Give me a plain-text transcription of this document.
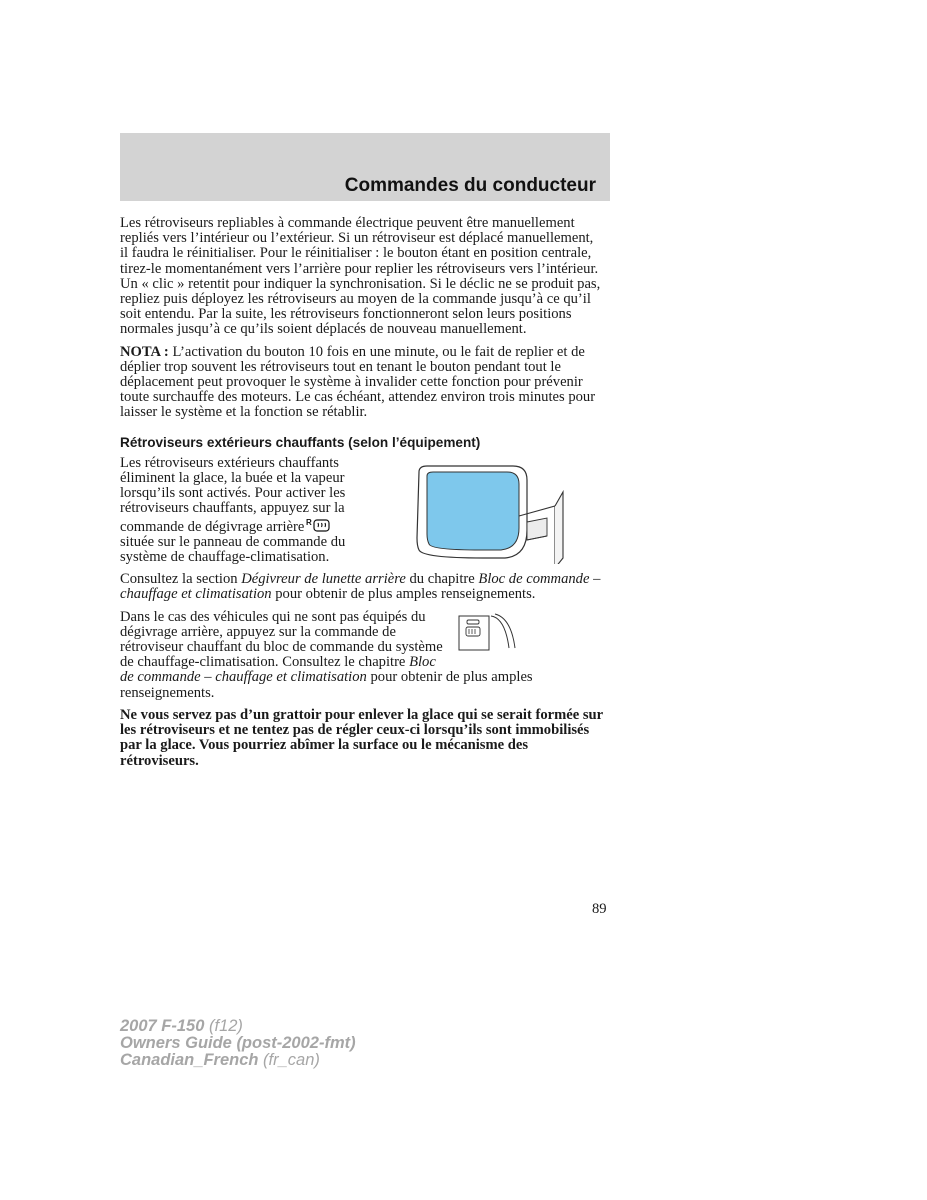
Commandes du conducteur

Les rétroviseurs repliables à commande électrique peuvent être manuellement repliés vers l’intérieur ou l’extérieur. Si un rétroviseur est déplacé manuellement, il faudra le réinitialiser. Pour le réinitialiser : le bouton étant en position centrale, tirez-le momentanément vers l’arrière pour replier les rétroviseurs vers l’intérieur. Un « clic » retentit pour indiquer la synchronisation. Si le déclic ne se produit pas, repliez puis déployez les rétroviseurs au moyen de la commande jusqu’à ce qu’il soit entendu. Par la suite, les rétroviseurs fonctionneront selon leurs positions normales jusqu’à ce qu’ils soient déplacés de nouveau manuellement.

NOTA : L’activation du bouton 10 fois en une minute, ou le fait de replier et de déplier trop souvent les rétroviseurs tout en tenant le bouton pendant tout le déplacement peut provoquer le système à invalider cette fonction pour prévenir toute surchauffe des moteurs. Le cas échéant, attendez environ trois minutes pour laisser le système et la fonction se rétablir.

Rétroviseurs extérieurs chauffants (selon l’équipement)

Les rétroviseurs extérieurs chauffants éliminent la glace, la buée et la vapeur lorsqu’ils sont activés. Pour activer les rétroviseurs chauffants, appuyez sur la commande de dégivrage arrière R
située sur le panneau de commande du système de chauffage-climatisation.

Consultez la section Dégivreur de lunette arrière du chapitre Bloc de commande – chauffage et climatisation pour obtenir de plus amples renseignements.

Dans le cas des véhicules qui ne sont pas équipés du dégivrage arrière, appuyez sur la commande de rétroviseur chauffant du bloc de commande du système de chauffage-climatisation. Consultez le chapitre Bloc de commande – chauffage et climatisation pour obtenir de plus amples renseignements.

Ne vous servez pas d’un grattoir pour enlever la glace qui se serait formée sur les rétroviseurs et ne tentez pas de régler ceux-ci lorsqu’ils sont immobilisés par la glace. Vous pourriez abîmer la surface ou le mécanisme des rétroviseurs.

89
2007 F-150 (f12)
Owners Guide (post-2002-fmt)
Canadian_French (fr_can)
